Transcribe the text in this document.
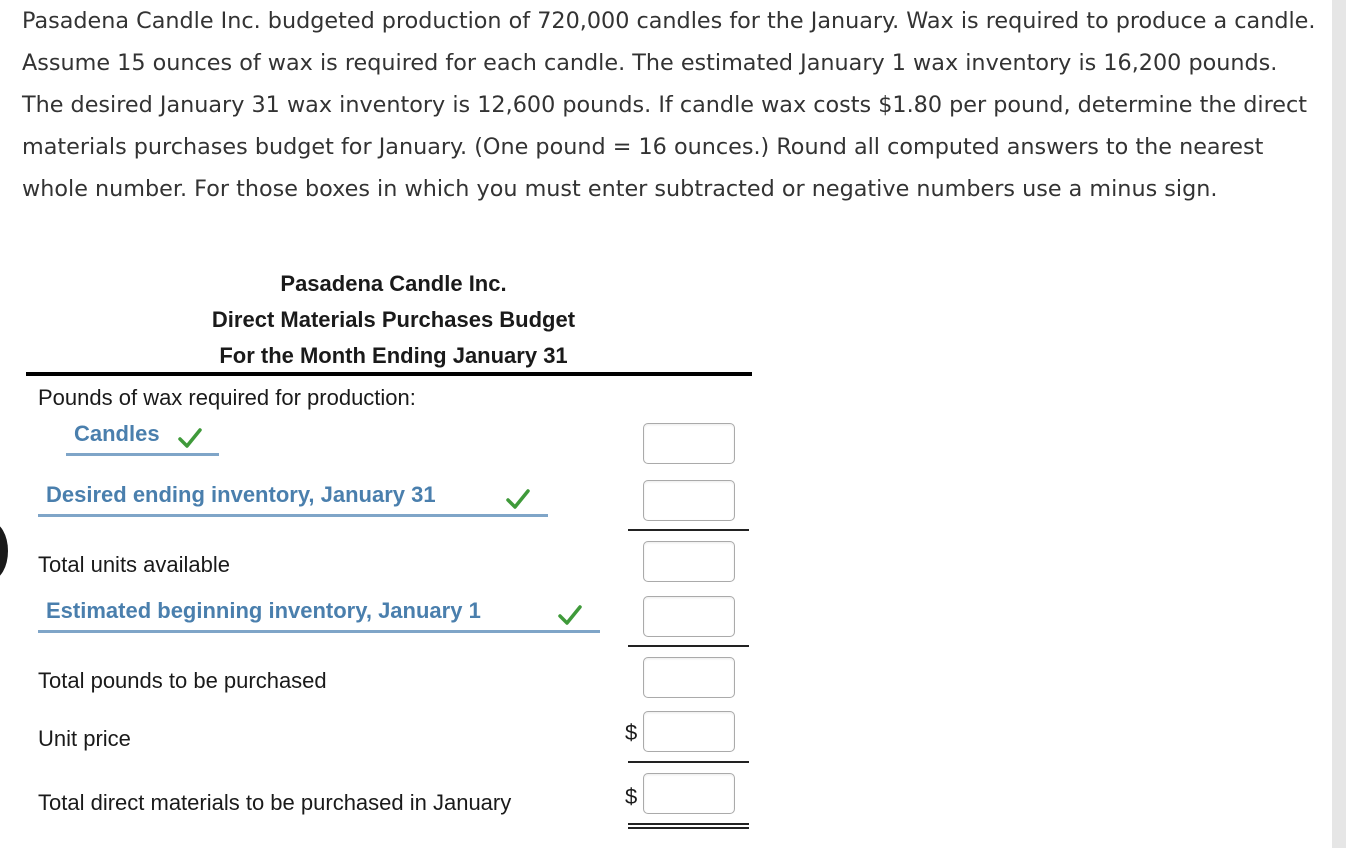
Pasadena Candle Inc. budgeted production of 720,000 candles for the January. Wax is required to produce a candle. Assume 15 ounces of wax is required for each candle. The estimated January 1 wax inventory is 16,200 pounds. The desired January 31 wax inventory is 12,600 pounds. If candle wax costs $1.80 per pound, determine the direct materials purchases budget for January. (One pound = 16 ounces.) Round all computed answers to the nearest whole number. For those boxes in which you must enter subtracted or negative numbers use a minus sign.
Pasadena Candle Inc.
Direct Materials Purchases Budget
For the Month Ending January 31
Pounds of wax required for production:
Candles
Desired ending inventory, January 31
Total units available
Estimated beginning inventory, January 1
Total pounds to be purchased
Unit price	$
Total direct materials to be purchased in January	$
